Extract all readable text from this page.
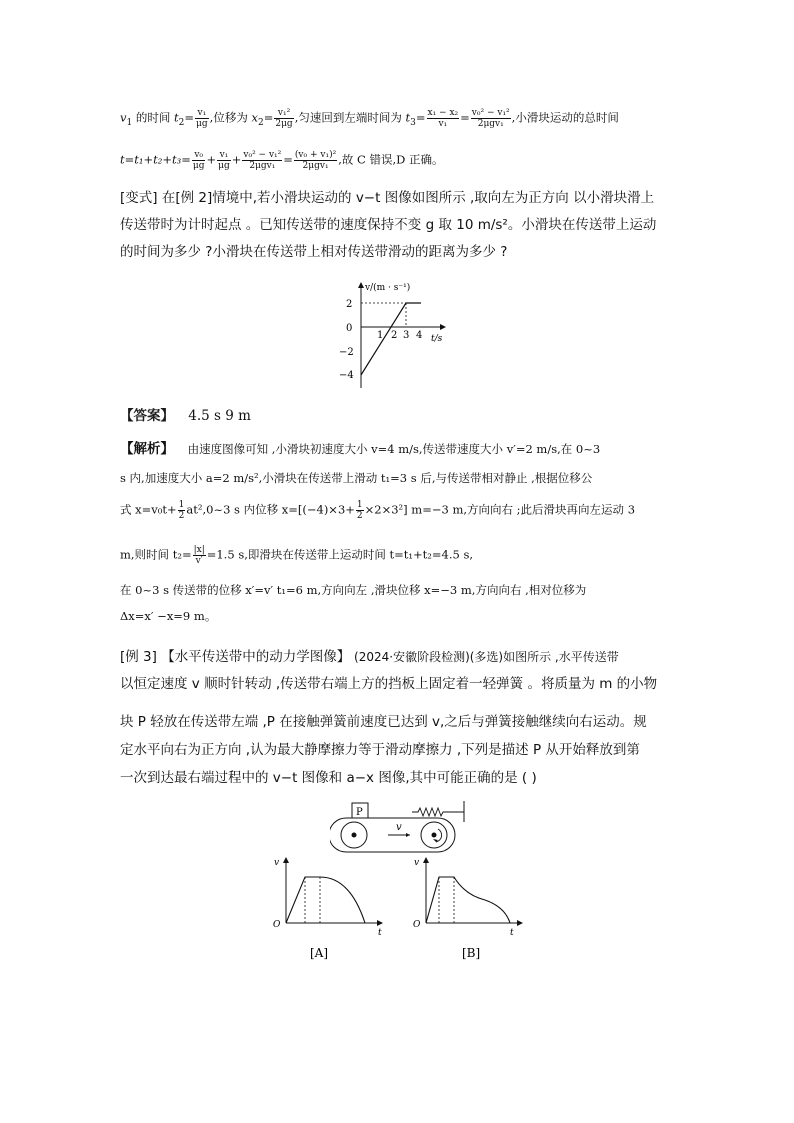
$v_1$ 的时间 $t_2= \frac{\text{v₁}}{\mu g}$ ,位移为 $x_2= \frac{\text{v₁²}}{2\mu g}$ ,匀速回到左端时间为 $t_3= \frac{\text{x₁ − x₂}}{\text{v₁}} = \frac{\text{v₀² − v₁²}}{\text{2μgv₁}}$ ,小滑块运动的总时间
$t=t_1+t_2+t_3= \frac{\text{v₀}}{\mu g} + \frac{\text{v₁}}{\mu g} + \frac{\text{v₀² − v₁²}}{\text{2μgv₁}} = \frac{\text{(v₀ + v₁)²}}{\text{2μgv₁}}$ ,故 C 错误,D 正确。
[变式] 在[例 2]情境中,若小滑块运动的 v−t 图像如图所示 ,取向左为正方向 以小滑块滑上
传送带时为计时起点 。已知传送带的速度保持不变 g 取 10 m/s²。小滑块在传送带上运动
的时间为多少 ?小滑块在传送带上相对传送带滑动的距离为多少 ?
v/(m · s⁻¹)
t/s
2
0
−2
−4
1 2 3 4
【答案】 4.5 s 9 m
【解析】 由速度图像可知 ,小滑块初速度大小 v=4 m/s,传送带速度大小 v′=2 m/s,在 0~3
s 内,加速度大小 a=2 m/s²,小滑块在传送带上滑动 t₁=3 s 后,与传送带相对静止 ,根据位移公
式 $x=v_0t+ \frac{1}{2}$ at²,0~3 s 内位移 $x=[(-4)\times 3+ \frac{1}{2} \times 2\times 3^2]$ m=−3 m,方向向右 ;此后滑块再向左运动 3
m,则时间 $t_2= \frac{|x|}{v'} =1.5$ s,即滑块在传送带上运动时间 t=t₁+t₂=4.5 s,
在 0~3 s 传送带的位移 x′=v′ t₁=6 m,方向向左 ,滑块位移 x=−3 m,方向向右 ,相对位移为
Δx=x′ −x=9 m。
[例 3] 【水平传送带中的动力学图像】 (2024·安徽阶段检测)(多选)如图所示 ,水平传送带
以恒定速度 v 顺时针转动 ,传送带右端上方的挡板上固定着一轻弹簧 。将质量为 m 的小物
块 P 轻放在传送带左端 ,P 在接触弹簧前速度已达到 v,之后与弹簧接触继续向右运动。规
定水平向右为正方向 ,认为最大静摩擦力等于滑动摩擦力 ,下列是描述 P 从开始释放到第
一次到达最右端过程中的 v−t 图像和 a−x 图像,其中可能正确的是 ( )
P
v
v
t
O
[A]
v
t
O
[B]
